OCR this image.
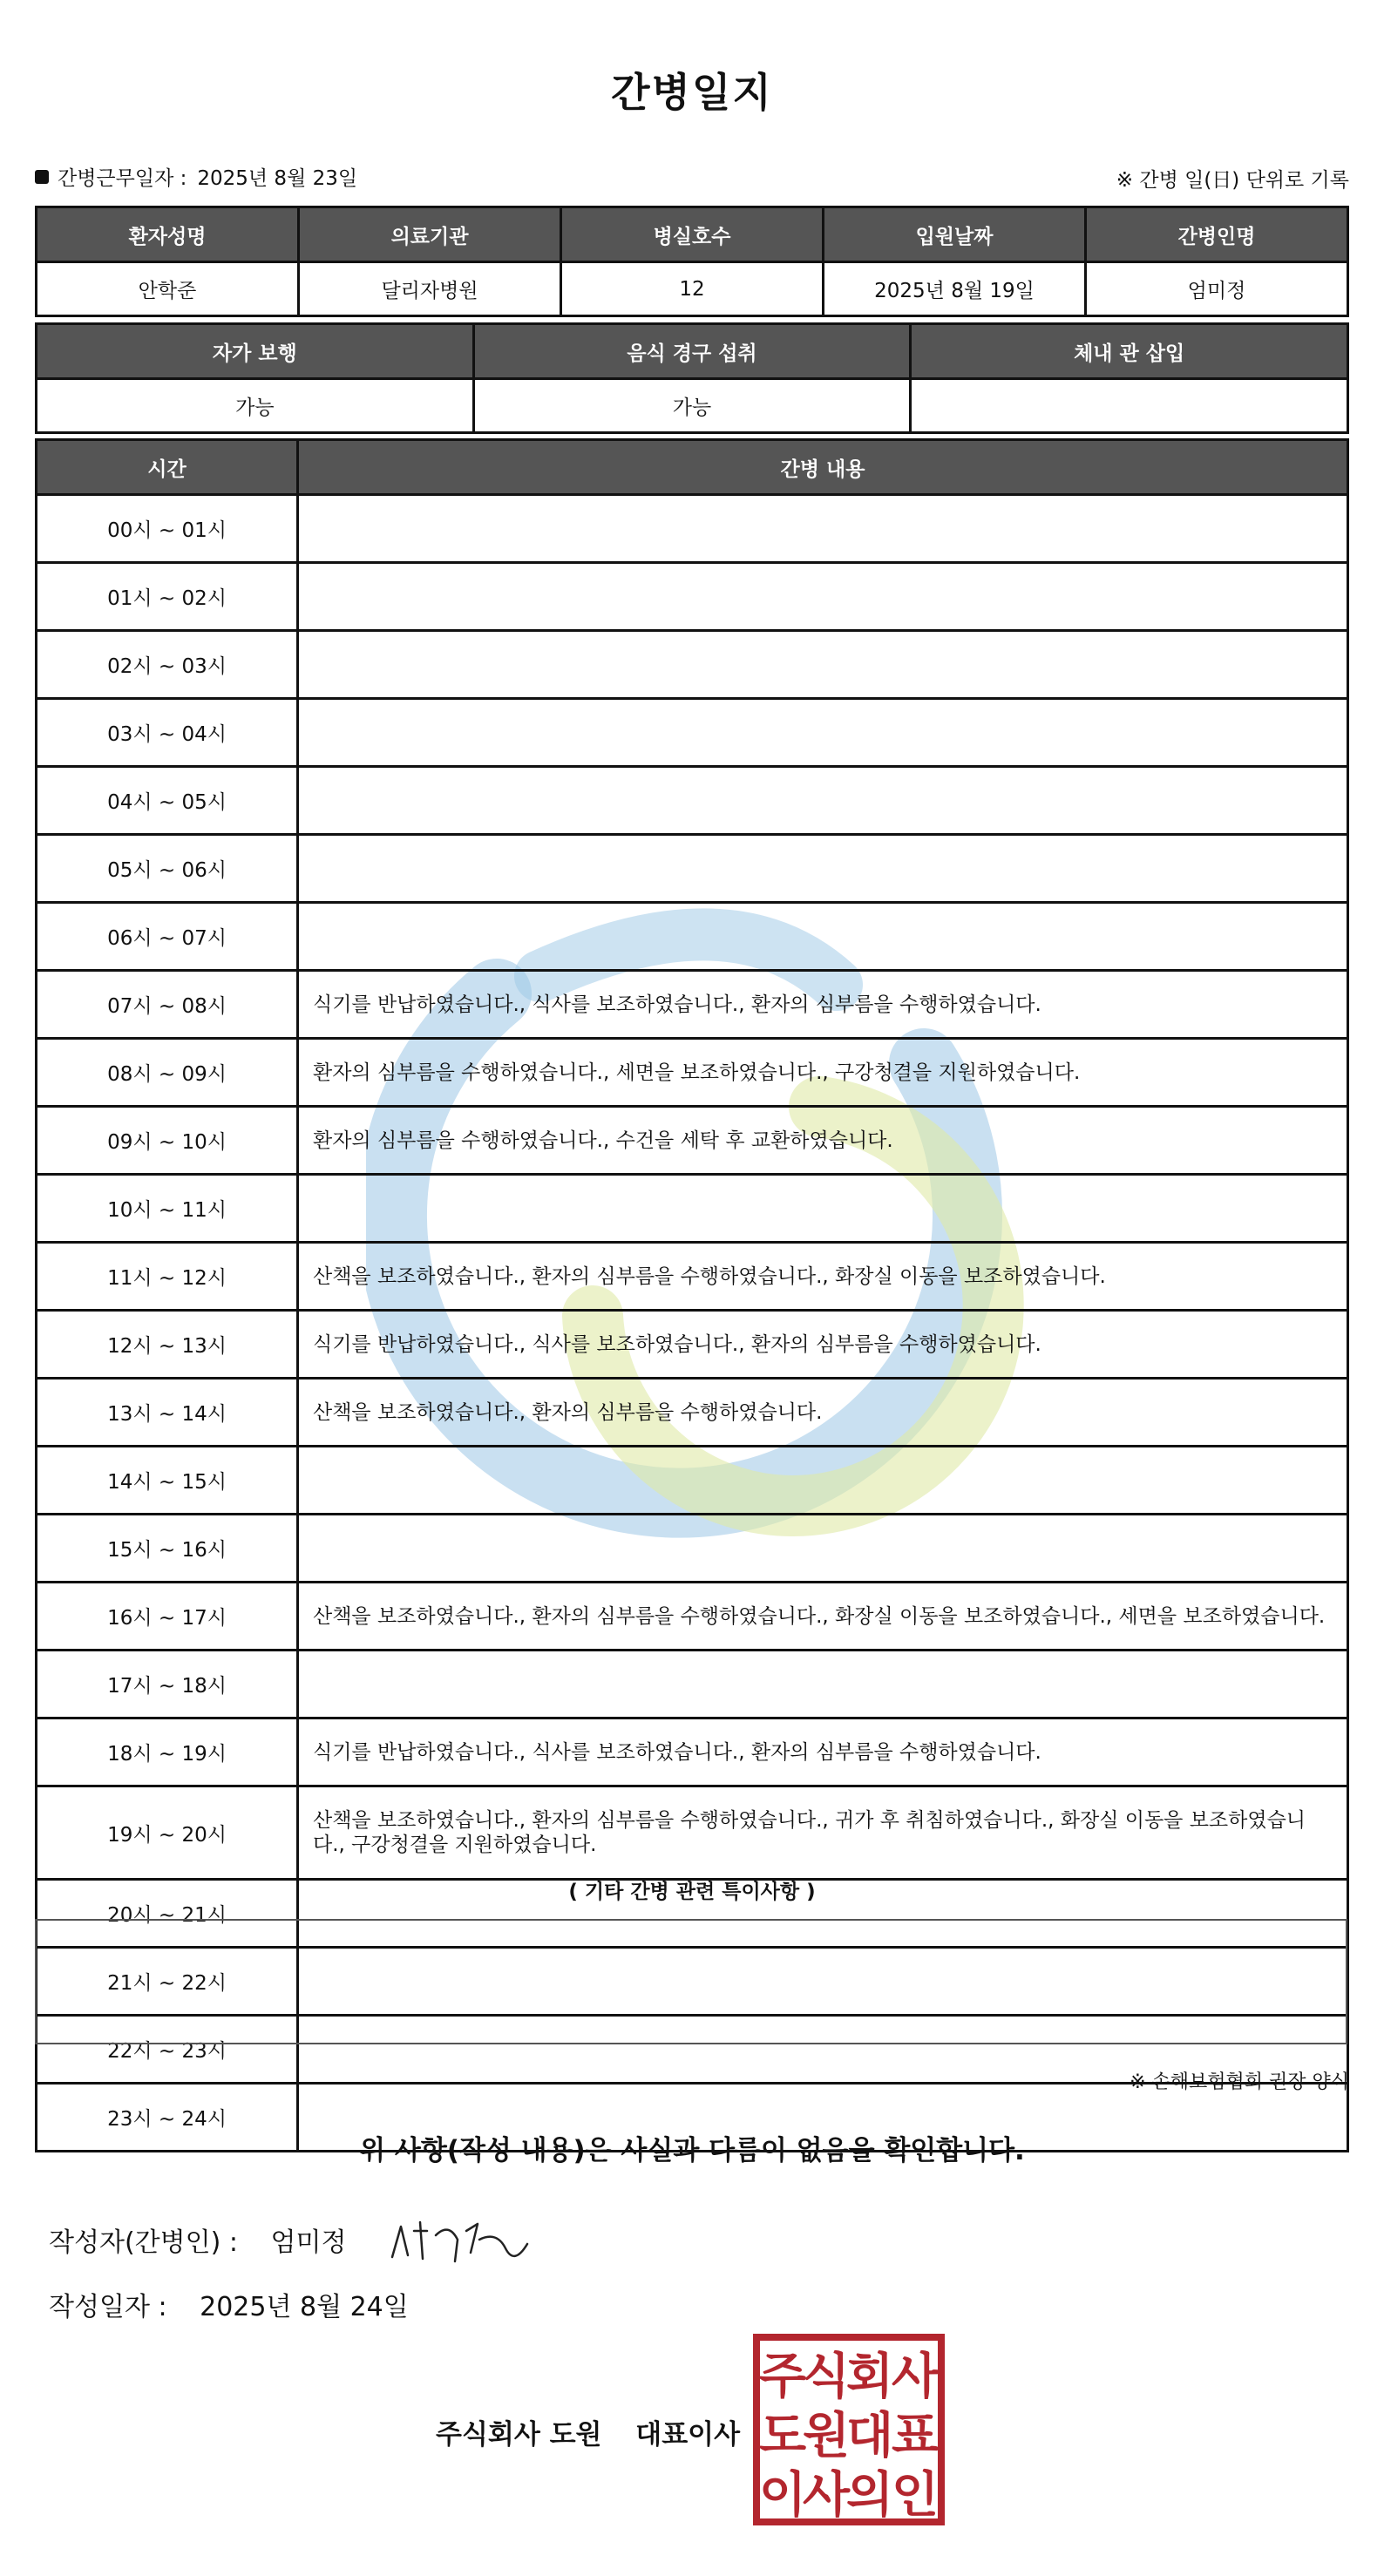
간병일지
간병근무일자 : 2025년 8월 23일	※ 간병 일(日) 단위로 기록
환자성명	의료기관	병실호수	입원날짜	간병인명
안학준	달리자병원	12	2025년 8월 19일	엄미정
자가 보행	음식 경구 섭취	체내 관 삽입
가능	가능	
시간	간병 내용
00시 ~ 01시	
01시 ~ 02시	
02시 ~ 03시	
03시 ~ 04시	
04시 ~ 05시	
05시 ~ 06시	
06시 ~ 07시	
07시 ~ 08시	식기를 반납하였습니다., 식사를 보조하였습니다., 환자의 심부름을 수행하였습니다.
08시 ~ 09시	환자의 심부름을 수행하였습니다., 세면을 보조하였습니다., 구강청결을 지원하였습니다.
09시 ~ 10시	환자의 심부름을 수행하였습니다., 수건을 세탁 후 교환하였습니다.
10시 ~ 11시	
11시 ~ 12시	산책을 보조하였습니다., 환자의 심부름을 수행하였습니다., 화장실 이동을 보조하였습니다.
12시 ~ 13시	식기를 반납하였습니다., 식사를 보조하였습니다., 환자의 심부름을 수행하였습니다.
13시 ~ 14시	산책을 보조하였습니다., 환자의 심부름을 수행하였습니다.
14시 ~ 15시	
15시 ~ 16시	
16시 ~ 17시	산책을 보조하였습니다., 환자의 심부름을 수행하였습니다., 화장실 이동을 보조하였습니다., 세면을 보조하였습니다.
17시 ~ 18시	
18시 ~ 19시	식기를 반납하였습니다., 식사를 보조하였습니다., 환자의 심부름을 수행하였습니다.
19시 ~ 20시	산책을 보조하였습니다., 환자의 심부름을 수행하였습니다., 귀가 후 취침하였습니다., 화장실 이동을 보조하였습니다., 구강청결을 지원하였습니다.
20시 ~ 21시	
21시 ~ 22시	
22시 ~ 23시	
23시 ~ 24시	
( 기타 간병 관련 특이사항 )
※ 손해보험협회 권장 양식
위 사항(작성 내용)은 사실과 다름이 없음을 확인합니다.
작성자(간병인) : 엄미정
작성일자 : 2025년 8월 24일
주식회사 도원 대표이사
주
식
회
사
도
원
대
표
이
사
의
인
